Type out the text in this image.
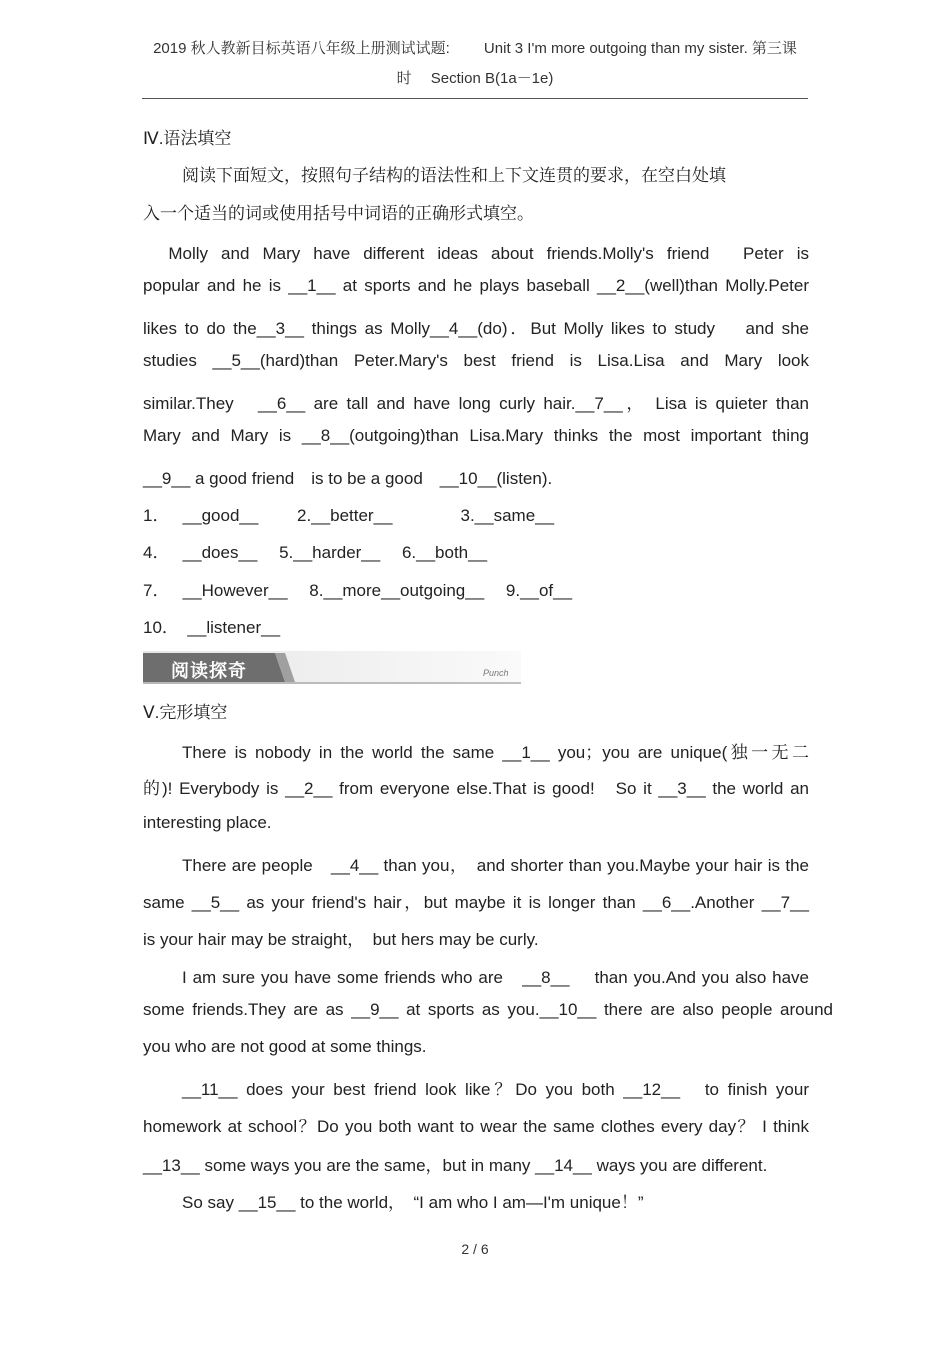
2019 秋人教新目标英语八年级上册测试试题:　　 Unit 3 I'm more outgoing than my sister. 第三课
时　 Section B(1a－1e)
Ⅳ.语法填空
阅读下面短文，按照句子结构的语法性和上下文连贯的要求，在空白处填
入一个适当的词或使用括号中词语的正确形式填空。
　Molly and Mary have different ideas about friends.Molly's friend　Peter is
popular and he is __1__ at sports and he plays baseball __2__(well)than Molly.Peter
likes to do the__3__ things as Molly__4__(do)．But Molly likes to study　 and she
studies __5__(hard)than Peter.Mary's best friend is Lisa.Lisa and Mary look
similar.They　__6__ are tall and have long curly hair.__7__， Lisa is quieter than
Mary and Mary is __8__(outgoing)than Lisa.Mary thinks the most important thing
__9__ a good friend　is to be a good　__10__(listen).
1．　 __good__　　 2.__better__　　　　3.__same__
4．　 __does__　 5.__harder__　 6.__both__
7．　 __However__　 8.__more__outgoing__　 9.__of__
10．　__listener__
阅读探奇	Punch
Ⅴ.完形填空
There is nobody in the world the same __1__ you；you are unique(独一无二
的)! Everybody is __2__ from everyone else.That is good!　So it __3__ the world an
interesting place.
There are people　__4__ than you，　and shorter than you.Maybe your hair is the
same __5__ as your friend's hair，but maybe it is longer than __6__.Another __7__
is your hair may be straight，　but hers may be curly.
I am sure you have some friends who are　__8__　 than you.And you also have
some friends.They are as __9__ at sports as you.__10__ there are also people around
you who are not good at some things.
__11__ does your best friend look like？Do you both __12__　to finish your
homework at school？Do you both want to wear the same clothes every day？ I think
__13__ some ways you are the same，but in many __14__ ways you are different.
So say __15__ to the world，　“I am who I am—I'm unique！”
2 / 6
